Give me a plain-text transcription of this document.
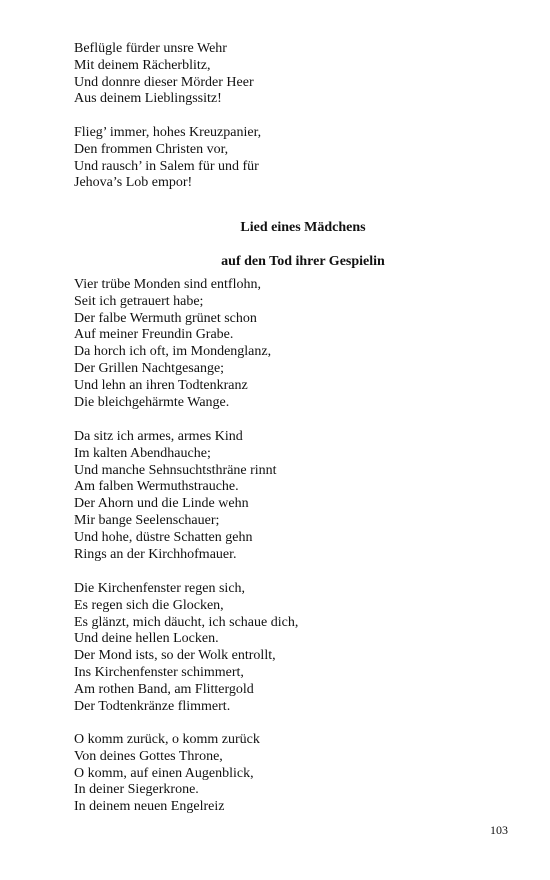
Beflügle fürder unsre Wehr
Mit deinem Rächerblitz,
Und donnre dieser Mörder Heer
Aus deinem Lieblingssitz!
Flieg’ immer, hohes Kreuzpanier,
Den frommen Christen vor,
Und rausch’ in Salem für und für
Jehova’s Lob empor!
Lied eines Mädchens
auf den Tod ihrer Gespielin
Vier trübe Monden sind entflohn,
Seit ich getrauert habe;
Der falbe Wermuth grünet schon
Auf meiner Freundin Grabe.
Da horch ich oft, im Mondenglanz,
Der Grillen Nachtgesange;
Und lehn an ihren Todtenkranz
Die bleichgehärmte Wange.
Da sitz ich armes, armes Kind
Im kalten Abendhauche;
Und manche Sehnsuchtsthräne rinnt
Am falben Wermuthstrauche.
Der Ahorn und die Linde wehn
Mir bange Seelenschauer;
Und hohe, düstre Schatten gehn
Rings an der Kirchhofmauer.
Die Kirchenfenster regen sich,
Es regen sich die Glocken,
Es glänzt, mich däucht, ich schaue dich,
Und deine hellen Locken.
Der Mond ists, so der Wolk entrollt,
Ins Kirchenfenster schimmert,
Am rothen Band, am Flittergold
Der Todtenkränze flimmert.
O komm zurück, o komm zurück
Von deines Gottes Throne,
O komm, auf einen Augenblick,
In deiner Siegerkrone.
In deinem neuen Engelreiz
103
